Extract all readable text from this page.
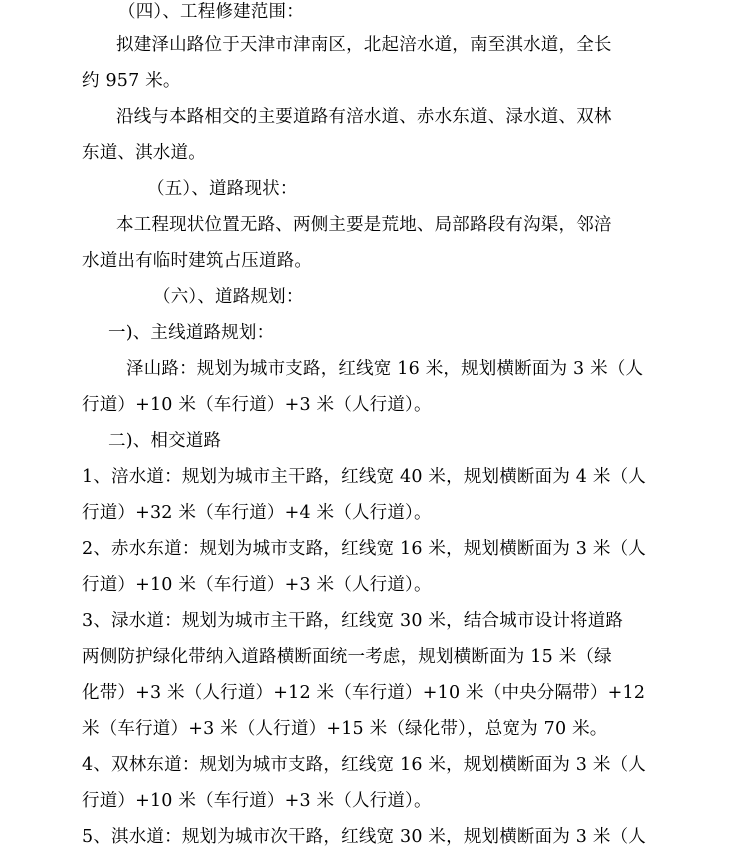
（四）、工程修建范围：
拟建泽山路位于天津市津南区，北起涪水道，南至淇水道，全长
约 957 米。
沿线与本路相交的主要道路有涪水道、赤水东道、渌水道、双林
东道、淇水道。
（五）、道路现状：
本工程现状位置无路、两侧主要是荒地、局部路段有沟渠，邻涪
水道出有临时建筑占压道路。
（六）、道路规划：
一)、主线道路规划：
泽山路：规划为城市支路，红线宽 16 米，规划横断面为 3 米（人
行道）+10 米（车行道）+3 米（人行道）。
二)、相交道路
1、涪水道：规划为城市主干路，红线宽 40 米，规划横断面为 4 米（人
行道）+32 米（车行道）+4 米（人行道）。
2、赤水东道：规划为城市支路，红线宽 16 米，规划横断面为 3 米（人
行道）+10 米（车行道）+3 米（人行道）。
3、渌水道：规划为城市主干路，红线宽 30 米，结合城市设计将道路
两侧防护绿化带纳入道路横断面统一考虑，规划横断面为 15 米（绿
化带）+3 米（人行道）+12 米（车行道）+10 米（中央分隔带）+12
米（车行道）+3 米（人行道）+15 米（绿化带），总宽为 70 米。
4、双林东道：规划为城市支路，红线宽 16 米，规划横断面为 3 米（人
行道）+10 米（车行道）+3 米（人行道）。
5、淇水道：规划为城市次干路，红线宽 30 米，规划横断面为 3 米（人
